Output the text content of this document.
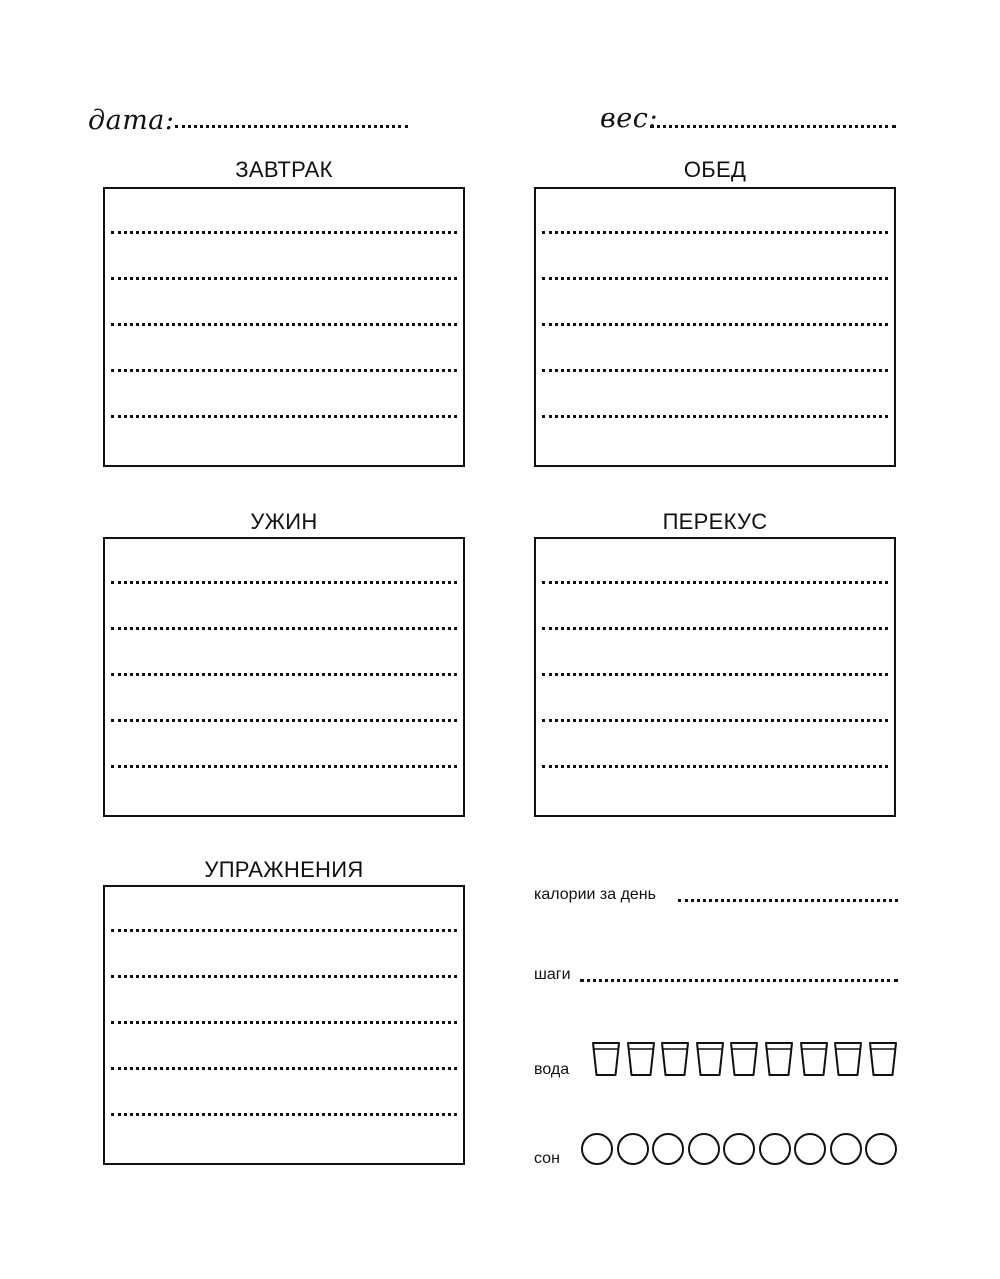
дата:	вес:
ЗАВТРАК	ОБЕД
УЖИН	ПЕРЕКУС
УПРАЖНЕНИЯ
калории за день
шаги
вода
сон
